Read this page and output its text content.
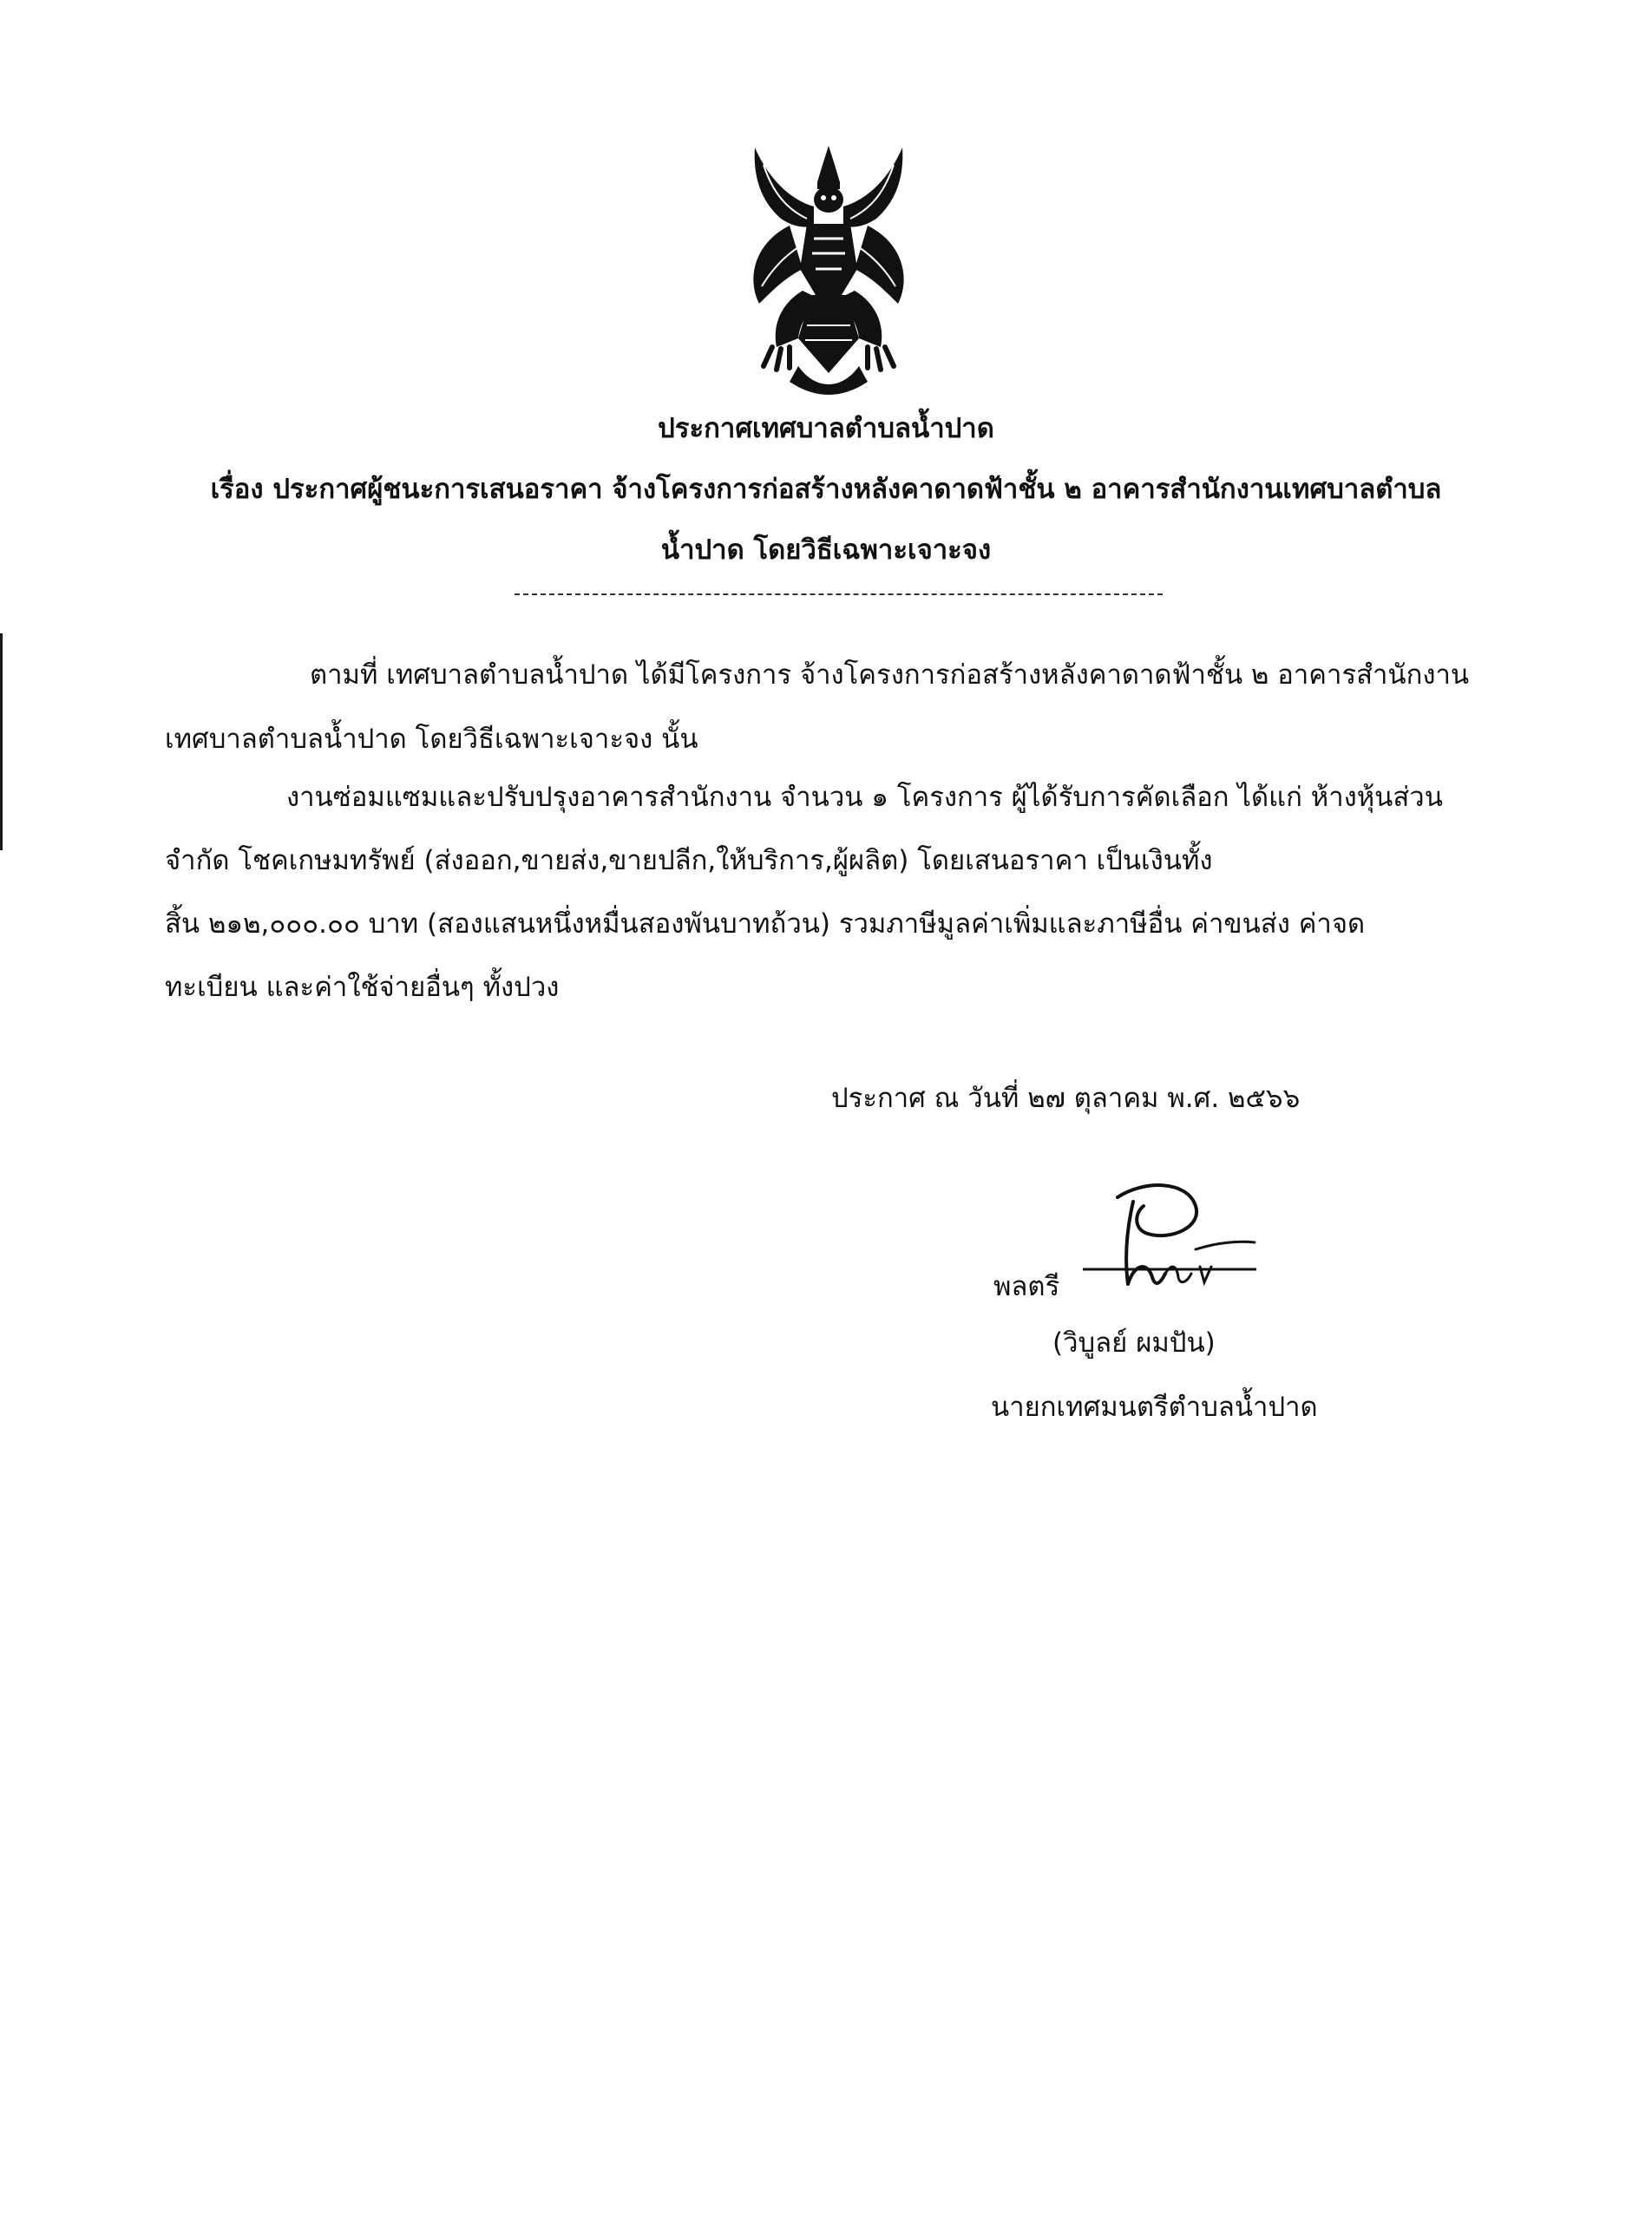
ประกาศเทศบาลตำบลน้ำปาด
เรื่อง ประกาศผู้ชนะการเสนอราคา จ้างโครงการก่อสร้างหลังคาดาดฟ้าชั้น ๒ อาคารสำนักงานเทศบาลตำบล
น้ำปาด โดยวิธีเฉพาะเจาะจง
ตามที่ เทศบาลตำบลน้ำปาด ได้มีโครงการ จ้างโครงการก่อสร้างหลังคาดาดฟ้าชั้น ๒ อาคารสำนักงาน
เทศบาลตำบลน้ำปาด โดยวิธีเฉพาะเจาะจง นั้น
งานซ่อมแซมและปรับปรุงอาคารสำนักงาน จำนวน ๑ โครงการ ผู้ได้รับการคัดเลือก ได้แก่ ห้างหุ้นส่วน
จำกัด โชคเกษมทรัพย์ (ส่งออก,ขายส่ง,ขายปลีก,ให้บริการ,ผู้ผลิต) โดยเสนอราคา เป็นเงินทั้ง
สิ้น ๒๑๒,๐๐๐.๐๐ บาท (สองแสนหนึ่งหมื่นสองพันบาทถ้วน) รวมภาษีมูลค่าเพิ่มและภาษีอื่น ค่าขนส่ง ค่าจด
ทะเบียน และค่าใช้จ่ายอื่นๆ ทั้งปวง
ประกาศ ณ วันที่ ๒๗ ตุลาคม พ.ศ. ๒๕๖๖
พลตรี
(วิบูลย์ ผมปัน)
นายกเทศมนตรีตำบลน้ำปาด
